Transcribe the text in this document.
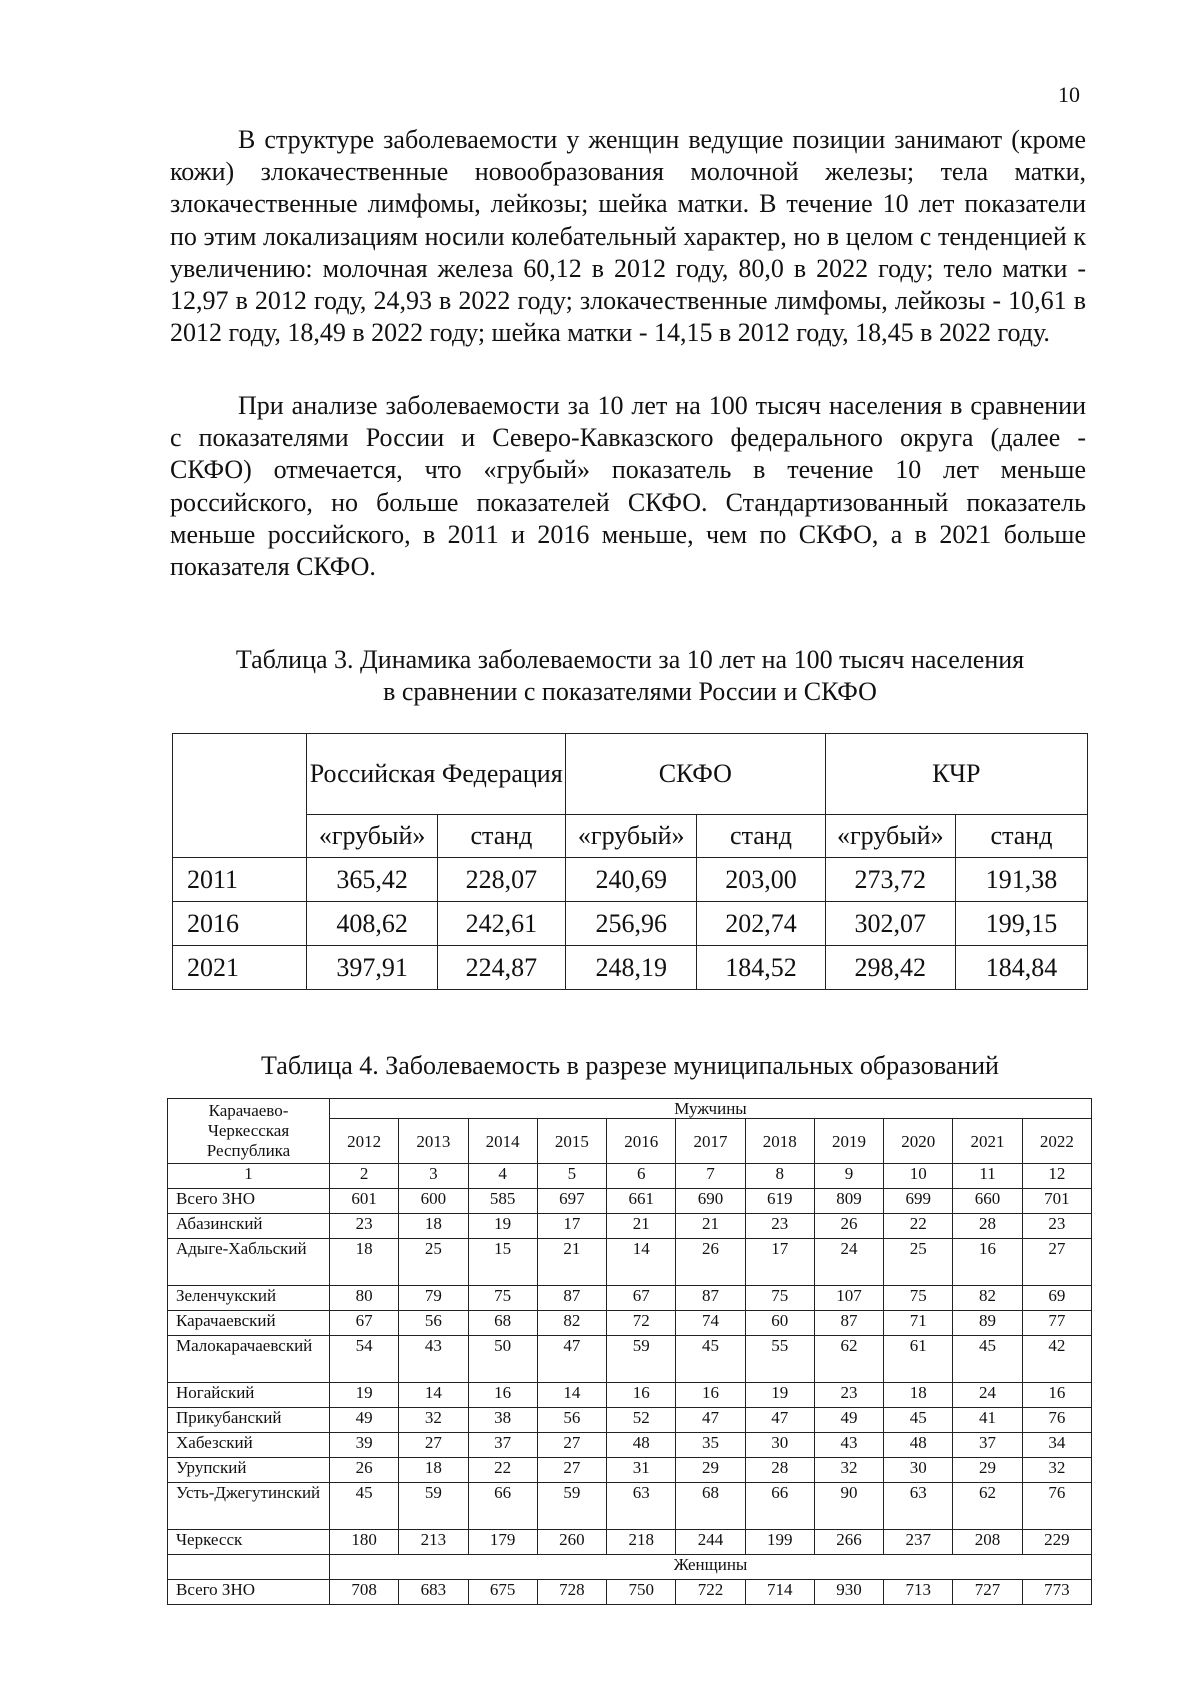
10

В структуре заболеваемости у женщин ведущие позиции занимают (кроме кожи) злокачественные новообразования молочной железы; тела матки, злокачественные лимфомы, лейкозы; шейка матки. В течение 10 лет показатели по этим локализациям носили колебательный характер, но в целом с тенденцией к увеличению: молочная железа 60,12 в 2012 году, 80,0 в 2022 году; тело матки - 12,97 в 2012 году, 24,93 в 2022 году; злокачественные лимфомы, лейкозы - 10,61 в 2012 году, 18,49 в 2022 году; шейка матки - 14,15 в 2012 году, 18,45 в 2022 году.

При анализе заболеваемости за 10 лет на 100 тысяч населения в сравнении с показателями России и Северо-Кавказского федерального округа (далее - СКФО) отмечается, что «грубый» показатель в течение 10 лет меньше российского, но больше показателей СКФО. Стандартизованный показатель меньше российского, в 2011 и 2016 меньше, чем по СКФО, а в 2021 больше показателя СКФО.

Таблица 3. Динамика заболеваемости за 10 лет на 100 тысяч населения
в сравнении с показателями России и СКФО
	Российская Федерация		СКФО		КЧР	
	«грубый»	станд	«грубый»	станд	«грубый»	станд
2011	365,42	228,07	240,69	203,00	273,72	191,38
2016	408,62	242,61	256,96	202,74	302,07	199,15
2021	397,91	224,87	248,19	184,52	298,42	184,84
Таблица 4. Заболеваемость в разрезе муниципальных образований
Карачаево-Черкесская Республика	Мужчины										
	2012	2013	2014	2015	2016	2017	2018	2019	2020	2021	2022
1	2	3	4	5	6	7	8	9	10	11	12
Всего ЗНО	601	600	585	697	661	690	619	809	699	660	701
Абазинский	23	18	19	17	21	21	23	26	22	28	23
Адыге-Хабльский	18	25	15	21	14	26	17	24	25	16	27
Зеленчукский	80	79	75	87	67	87	75	107	75	82	69
Карачаевский	67	56	68	82	72	74	60	87	71	89	77
Малокарачаевский	54	43	50	47	59	45	55	62	61	45	42
Ногайский	19	14	16	14	16	16	19	23	18	24	16
Прикубанский	49	32	38	56	52	47	47	49	45	41	76
Хабезский	39	27	37	27	48	35	30	43	48	37	34
Урупский	26	18	22	27	31	29	28	32	30	29	32
Усть-Джегутинский	45	59	66	59	63	68	66	90	63	62	76
Черкесск	180	213	179	260	218	244	199	266	237	208	229
	Женщины										
Всего ЗНО	708	683	675	728	750	722	714	930	713	727	773
